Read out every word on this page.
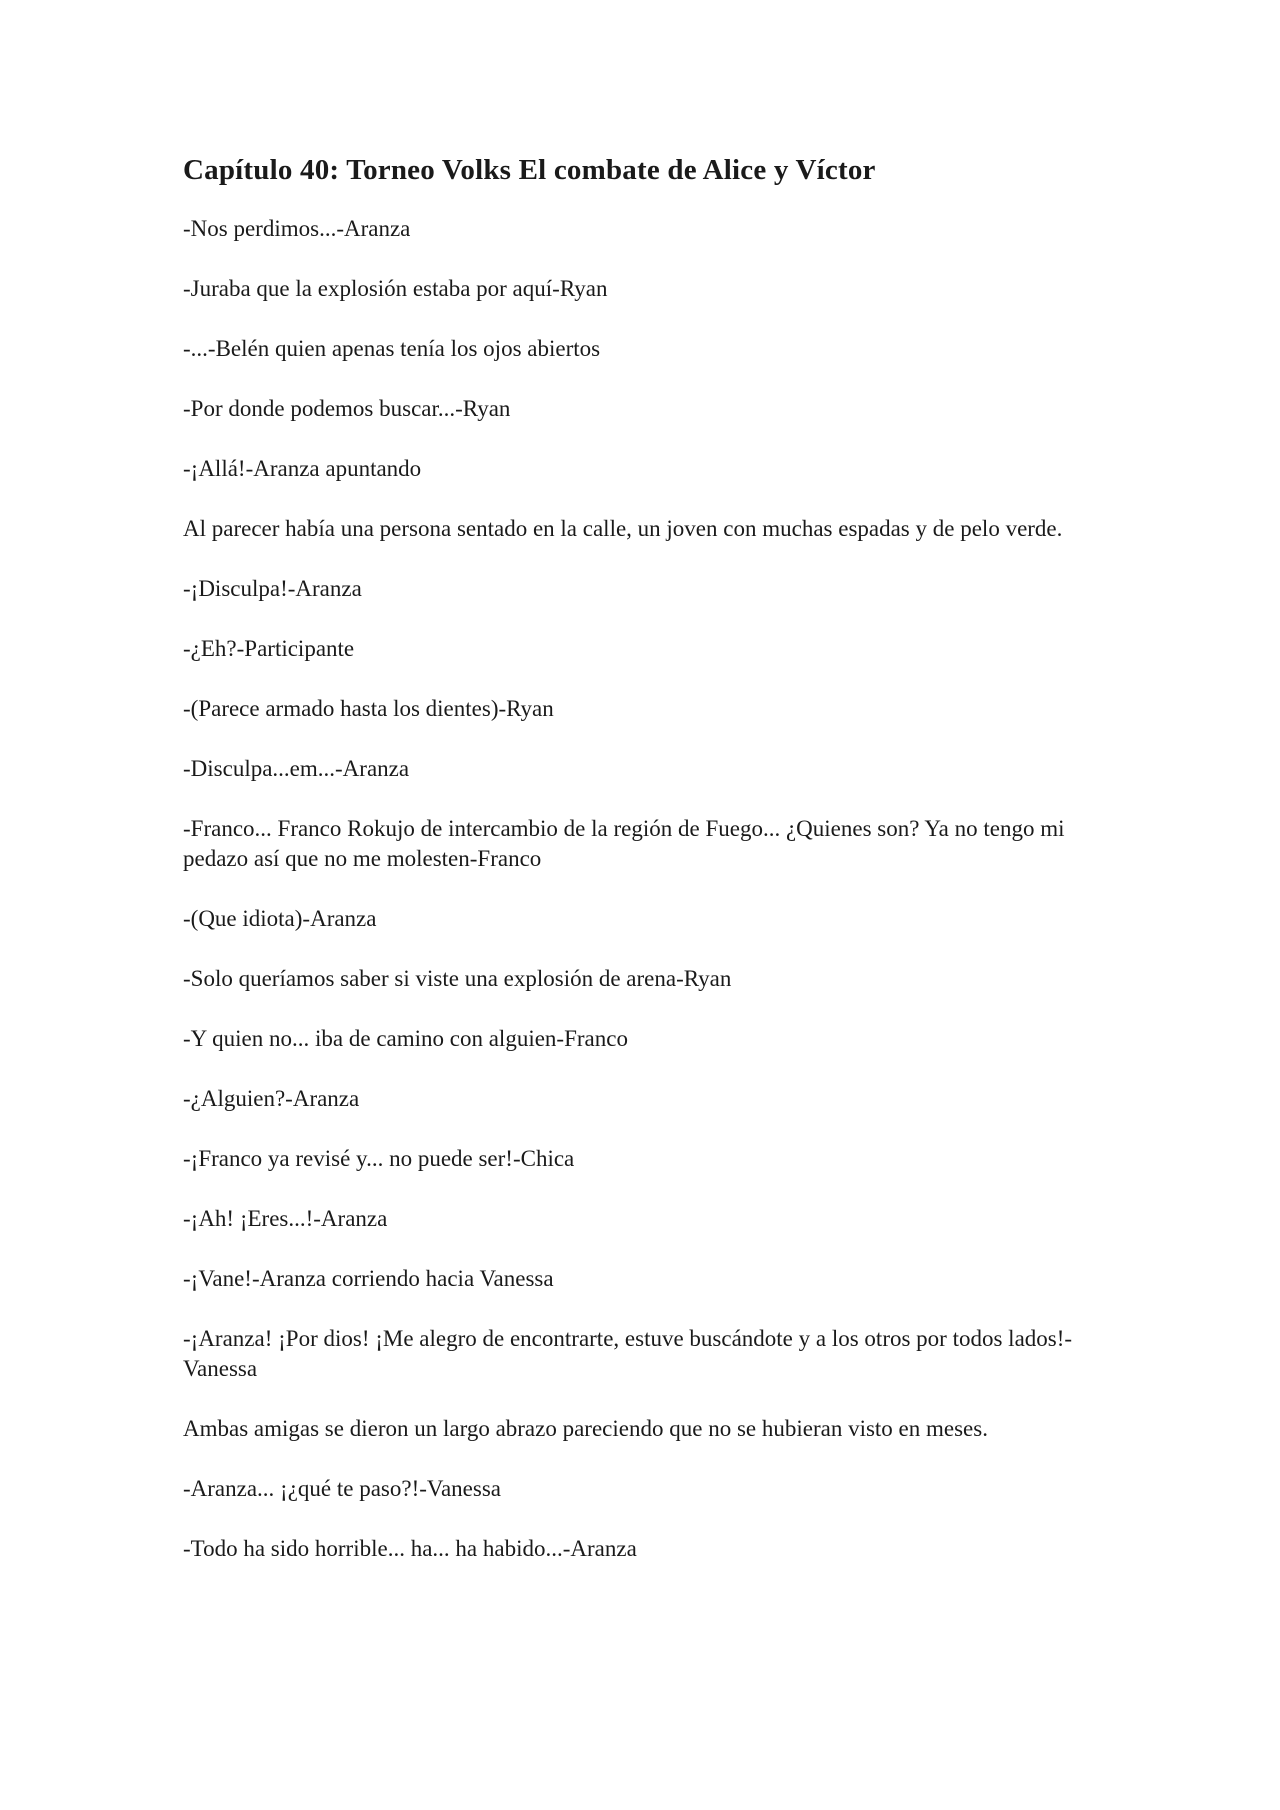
Capítulo 40: Torneo Volks El combate de Alice y Víctor

-Nos perdimos...-Aranza

-Juraba que la explosión estaba por aquí-Ryan

-...-Belén quien apenas tenía los ojos abiertos

-Por donde podemos buscar...-Ryan

-¡Allá!-Aranza apuntando

Al parecer había una persona sentado en la calle, un joven con muchas espadas y de pelo verde.

-¡Disculpa!-Aranza

-¿Eh?-Participante

-(Parece armado hasta los dientes)-Ryan

-Disculpa...em...-Aranza

-Franco... Franco Rokujo de intercambio de la región de Fuego... ¿Quienes son? Ya no tengo mi pedazo así que no me molesten-Franco

-(Que idiota)-Aranza

-Solo queríamos saber si viste una explosión de arena-Ryan

-Y quien no... iba de camino con alguien-Franco

-¿Alguien?-Aranza

-¡Franco ya revisé y... no puede ser!-Chica

-¡Ah! ¡Eres...!-Aranza

-¡Vane!-Aranza corriendo hacia Vanessa

-¡Aranza! ¡Por dios! ¡Me alegro de encontrarte, estuve buscándote y a los otros por todos lados!-Vanessa

Ambas amigas se dieron un largo abrazo pareciendo que no se hubieran visto en meses.

-Aranza... ¡¿qué te paso?!-Vanessa

-Todo ha sido horrible... ha... ha habido...-Aranza
